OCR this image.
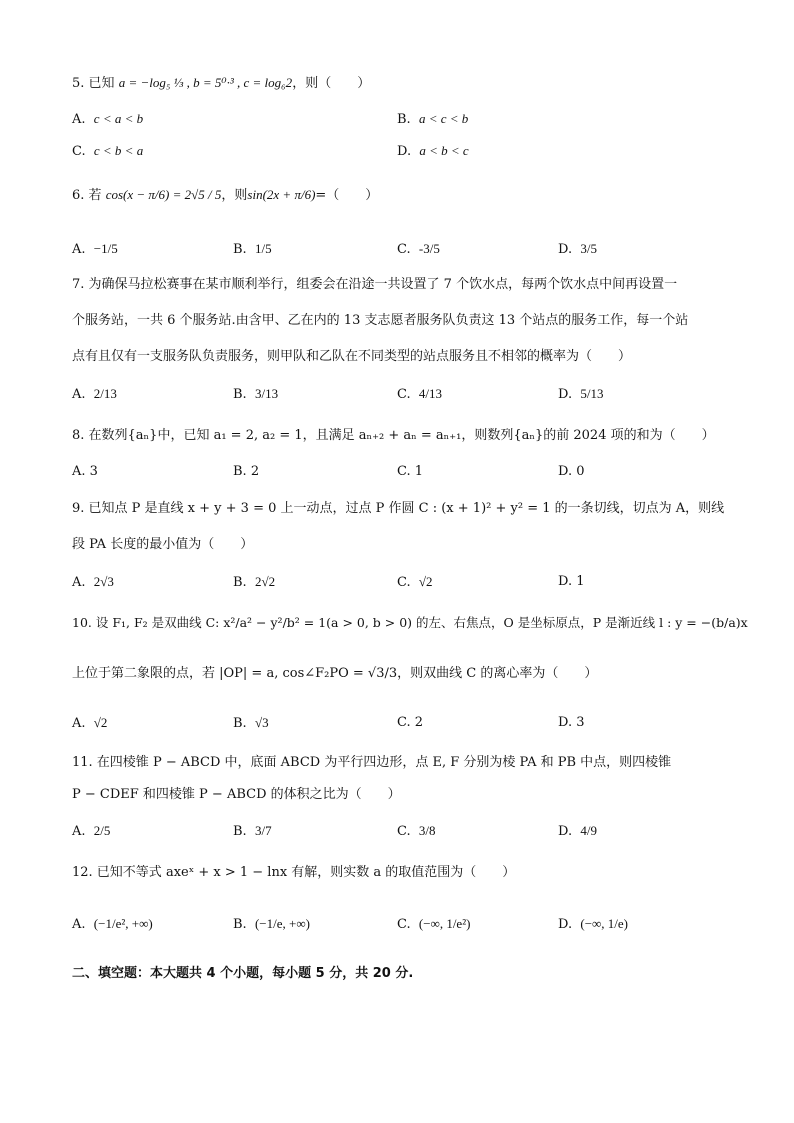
5. 已知 a = −log₅ ⅓ , b = 5⁰·³ , c = log₆2，则（　　）
A. c < a < b	B. a < c < b
C. c < b < a	D. a < b < c
6. 若 cos(x − π/6) = 2√5 / 5，则sin(2x + π/6)=（　　）
A. −1/5	B. 1/5	C. -3/5	D. 3/5
7. 为确保马拉松赛事在某市顺利举行，组委会在沿途一共设置了 7 个饮水点，每两个饮水点中间再设置一
个服务站，一共 6 个服务站.由含甲、乙在内的 13 支志愿者服务队负责这 13 个站点的服务工作，每一个站
点有且仅有一支服务队负责服务，则甲队和乙队在不同类型的站点服务且不相邻的概率为（　　）
A. 2/13	B. 3/13	C. 4/13	D. 5/13
8. 在数列{aₙ}中，已知 a₁ = 2, a₂ = 1，且满足 aₙ₊₂ + aₙ = aₙ₊₁，则数列{aₙ}的前 2024 项的和为（　　）
A. 3	B. 2	C. 1	D. 0
9. 已知点 P 是直线 x + y + 3 = 0 上一动点，过点 P 作圆 C : (x + 1)² + y² = 1 的一条切线，切点为 A，则线
段 PA 长度的最小值为（　　）
A. 2√3	B. 2√2	C. √2	D. 1
10. 设 F₁, F₂ 是双曲线 C: x²/a² − y²/b² = 1(a > 0, b > 0) 的左、右焦点，O 是坐标原点，P 是渐近线 l : y = −(b/a)x
上位于第二象限的点，若 |OP| = a, cos∠F₂PO = √3/3，则双曲线 C 的离心率为（　　）
A. √2	B. √3	C. 2	D. 3
11. 在四棱锥 P − ABCD 中，底面 ABCD 为平行四边形，点 E, F 分别为棱 PA 和 PB 中点，则四棱锥
P − CDEF 和四棱锥 P − ABCD 的体积之比为（　　）
A. 2/5	B. 3/7	C. 3/8	D. 4/9
12. 已知不等式 axeˣ + x > 1 − lnx 有解，则实数 a 的取值范围为（　　）
A. (−1/e², +∞)	B. (−1/e, +∞)	C. (−∞, 1/e²)	D. (−∞, 1/e)
二、填空题：本大题共 4 个小题，每小题 5 分，共 20 分.
